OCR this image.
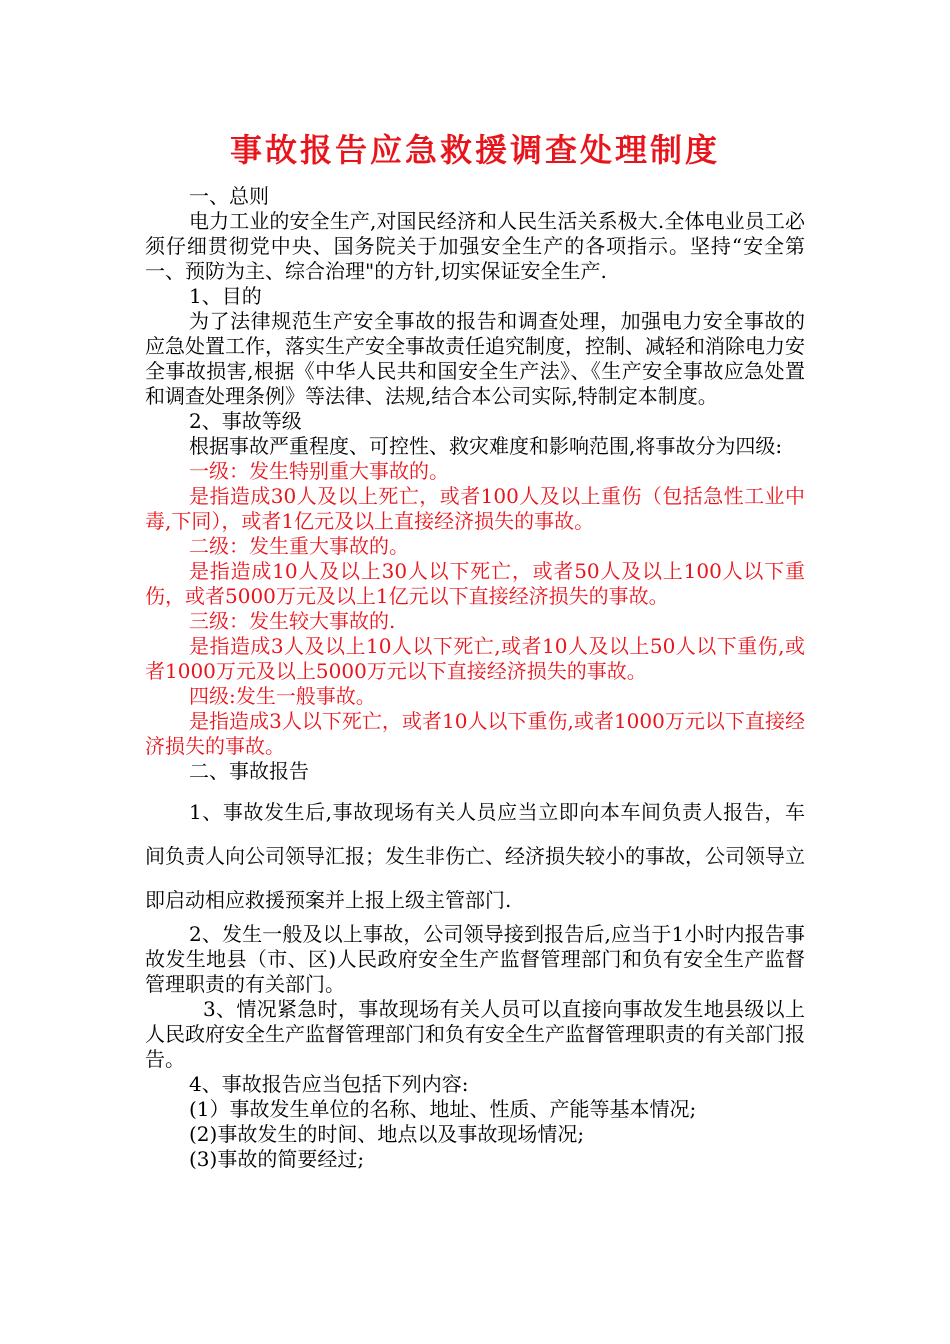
事故报告应急救援调查处理制度

一、总则

电力工业的安全生产,对国民经济和人民生活关系极大.全体电业员工必须仔细贯彻党中央、国务院关于加强安全生产的各项指示。坚持“安全第一、预防为主、综合治理"的方针,切实保证安全生产.

1、目的

为了法律规范生产安全事故的报告和调查处理，加强电力安全事故的应急处置工作，落实生产安全事故责任追究制度，控制、减轻和消除电力安全事故损害,根据《中华人民共和国安全生产法》、《生产安全事故应急处置和调查处理条例》等法律、法规,结合本公司实际,特制定本制度。

2、事故等级

根据事故严重程度、可控性、救灾难度和影响范围,将事故分为四级:

一级：发生特别重大事故的。

是指造成30人及以上死亡，或者100人及以上重伤（包括急性工业中毒,下同），或者1亿元及以上直接经济损失的事故。

二级：发生重大事故的。

是指造成10人及以上30人以下死亡，或者50人及以上100人以下重伤，或者5000万元及以上1亿元以下直接经济损失的事故。

三级：发生较大事故的.

是指造成3人及以上10人以下死亡,或者10人及以上50人以下重伤,或者1000万元及以上5000万元以下直接经济损失的事故。

四级:发生一般事故。

是指造成3人以下死亡，或者10人以下重伤,或者1000万元以下直接经济损失的事故。

二、事故报告

1、事故发生后,事故现场有关人员应当立即向本车间负责人报告，车间负责人向公司领导汇报；发生非伤亡、经济损失较小的事故，公司领导立即启动相应救援预案并上报上级主管部门.

2、发生一般及以上事故，公司领导接到报告后,应当于1小时内报告事故发生地县（市、区)人民政府安全生产监督管理部门和负有安全生产监督管理职责的有关部门。

3、情况紧急时，事故现场有关人员可以直接向事故发生地县级以上人民政府安全生产监督管理部门和负有安全生产监督管理职责的有关部门报告。

4、事故报告应当包括下列内容:

(1）事故发生单位的名称、地址、性质、产能等基本情况;

(2)事故发生的时间、地点以及事故现场情况;

(3)事故的简要经过;
